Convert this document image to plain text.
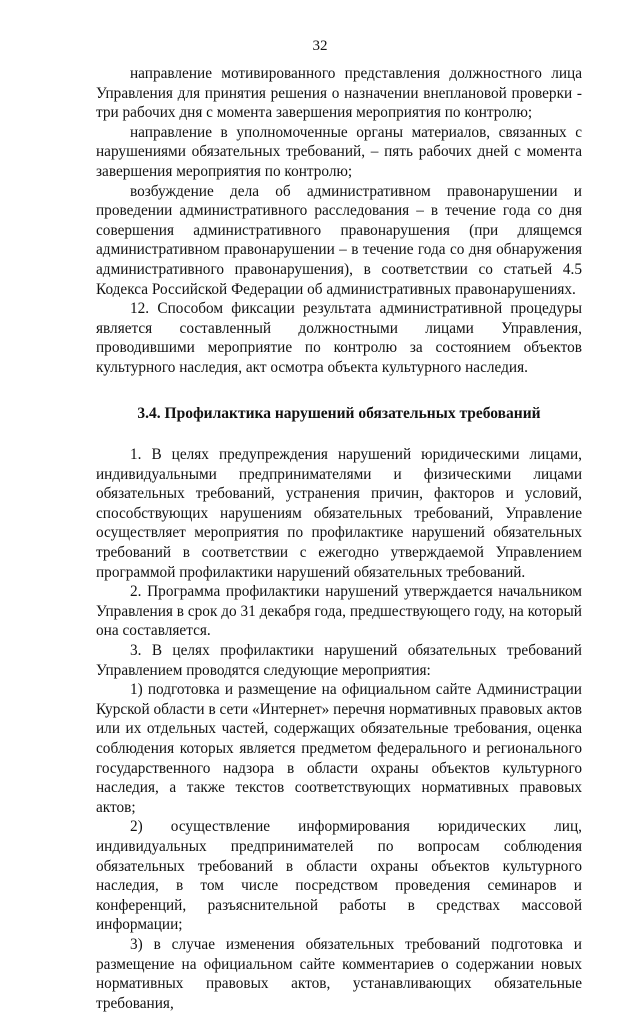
32

направление мотивированного представления должностного лица Управления для принятия решения о назначении внеплановой проверки - три рабочих дня с момента завершения мероприятия по контролю;

направление в уполномоченные органы материалов, связанных с нарушениями обязательных требований, – пять рабочих дней с момента завершения мероприятия по контролю;

возбуждение дела об административном правонарушении и проведении административного расследования – в течение года со дня совершения административного правонарушения (при длящемся административном правонарушении – в течение года со дня обнаружения административного правонарушения), в соответствии со статьей 4.5 Кодекса Российской Федерации об административных правонарушениях.

12. Способом фиксации результата административной процедуры является составленный должностными лицами Управления, проводившими мероприятие по контролю за состоянием объектов культурного наследия, акт осмотра объекта культурного наследия.

3.4. Профилактика нарушений обязательных требований

1. В целях предупреждения нарушений юридическими лицами, индивидуальными предпринимателями и физическими лицами обязательных требований, устранения причин, факторов и условий, способствующих нарушениям обязательных требований, Управление осуществляет мероприятия по профилактике нарушений обязательных требований в соответствии с ежегодно утверждаемой Управлением программой профилактики нарушений обязательных требований.

2. Программа профилактики нарушений утверждается начальником Управления в срок до 31 декабря года, предшествующего году, на который она составляется.

3. В целях профилактики нарушений обязательных требований Управлением проводятся следующие мероприятия:

1) подготовка и размещение на официальном сайте Администрации Курской области в сети «Интернет» перечня нормативных правовых актов или их отдельных частей, содержащих обязательные требования, оценка соблюдения которых является предметом федерального и регионального государственного надзора в области охраны объектов культурного наследия, а также текстов соответствующих нормативных правовых актов;

2) осуществление информирования юридических лиц, индивидуальных предпринимателей по вопросам соблюдения обязательных требований в области охраны объектов культурного наследия, в том числе посредством проведения семинаров и конференций, разъяснительной работы в средствах массовой информации;

3) в случае изменения обязательных требований подготовка и размещение на официальном сайте комментариев о содержании новых нормативных правовых актов, устанавливающих обязательные требования,
